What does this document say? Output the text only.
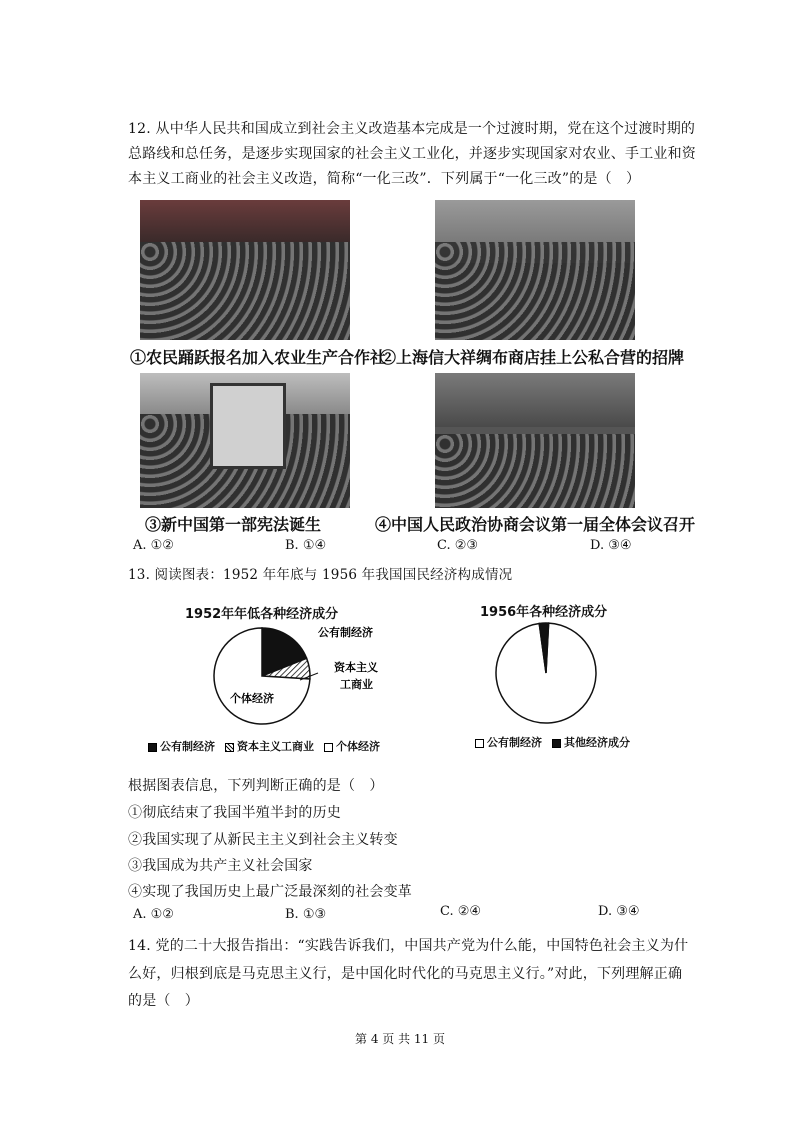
12. 从中华人民共和国成立到社会主义改造基本完成是一个过渡时期，党在这个过渡时期的
总路线和总任务，是逐步实现国家的社会主义工业化，并逐步实现国家对农业、手工业和资
本主义工商业的社会主义改造，简称“一化三改”．下列属于“一化三改”的是（　）
①农民踊跃报名加入农业生产合作社
②上海信大祥绸布商店挂上公私合营的招牌
③新中国第一部宪法诞生	④中国人民政治协商会议第一届全体会议召开
A. ①②	B. ①④	C. ②③	D. ③④
13. 阅读图表：1952 年年底与 1956 年我国国民经济构成情况
1952年年低各种经济成分	1956年各种经济成分
公有制经济
资本主义
工商业
个体经济
公有制经济	资本主义工商业	个体经济	公有制经济	其他经济成分
根据图表信息，下列判断正确的是（　）
①彻底结束了我国半殖半封的历史
②我国实现了从新民主主义到社会主义转变
③我国成为共产主义社会国家
④实现了我国历史上最广泛最深刻的社会变革
A. ①②	B. ①③	C. ②④	D. ③④
14. 党的二十大报告指出：“实践告诉我们，中国共产党为什么能，中国特色社会主义为什
么好，归根到底是马克思主义行，是中国化时代化的马克思主义行。”对此，下列理解正确
的是（　）
第 4 页 共 11 页
